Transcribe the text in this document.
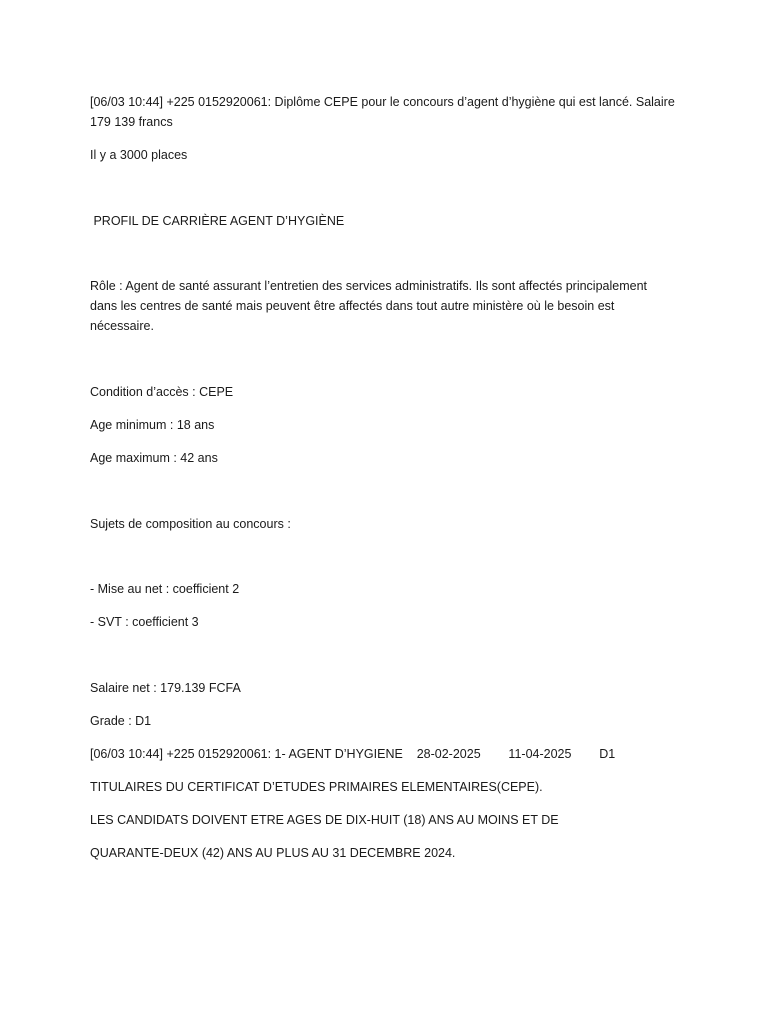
[06/03 10:44] +225 0152920061: Diplôme CEPE pour le concours d’agent d’hygiène qui est lancé. Salaire 179 139 francs
Il y a 3000 places
PROFIL DE CARRIÈRE AGENT D’HYGIÈNE
Rôle : Agent de santé assurant l’entretien des services administratifs. Ils sont affectés principalement dans les centres de santé mais peuvent être affectés dans tout autre ministère où le besoin est nécessaire.
Condition d’accès : CEPE
Age minimum : 18 ans
Age maximum : 42 ans
Sujets de composition au concours :
- Mise au net : coefficient 2
- SVT : coefficient 3
Salaire net : 179.139 FCFA
Grade : D1
[06/03 10:44] +225 0152920061: 1- AGENT D’HYGIENE    28-02-2025        11-04-2025        D1
TITULAIRES DU CERTIFICAT D’ETUDES PRIMAIRES ELEMENTAIRES(CEPE).
LES CANDIDATS DOIVENT ETRE AGES DE DIX-HUIT (18) ANS AU MOINS ET DE
QUARANTE-DEUX (42) ANS AU PLUS AU 31 DECEMBRE 2024.
